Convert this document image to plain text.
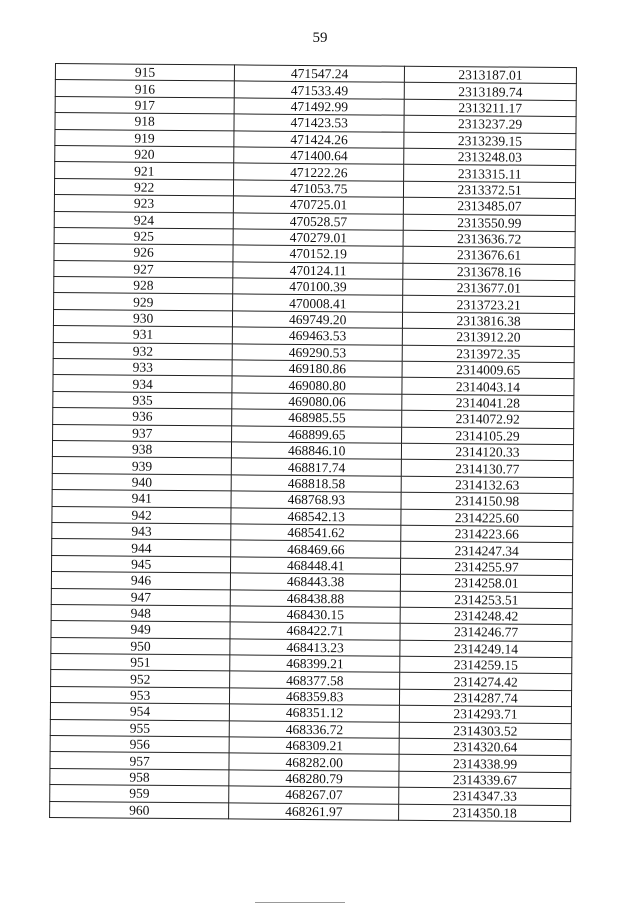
59
915	471547.24	2313187.01
916	471533.49	2313189.74
917	471492.99	2313211.17
918	471423.53	2313237.29
919	471424.26	2313239.15
920	471400.64	2313248.03
921	471222.26	2313315.11
922	471053.75	2313372.51
923	470725.01	2313485.07
924	470528.57	2313550.99
925	470279.01	2313636.72
926	470152.19	2313676.61
927	470124.11	2313678.16
928	470100.39	2313677.01
929	470008.41	2313723.21
930	469749.20	2313816.38
931	469463.53	2313912.20
932	469290.53	2313972.35
933	469180.86	2314009.65
934	469080.80	2314043.14
935	469080.06	2314041.28
936	468985.55	2314072.92
937	468899.65	2314105.29
938	468846.10	2314120.33
939	468817.74	2314130.77
940	468818.58	2314132.63
941	468768.93	2314150.98
942	468542.13	2314225.60
943	468541.62	2314223.66
944	468469.66	2314247.34
945	468448.41	2314255.97
946	468443.38	2314258.01
947	468438.88	2314253.51
948	468430.15	2314248.42
949	468422.71	2314246.77
950	468413.23	2314249.14
951	468399.21	2314259.15
952	468377.58	2314274.42
953	468359.83	2314287.74
954	468351.12	2314293.71
955	468336.72	2314303.52
956	468309.21	2314320.64
957	468282.00	2314338.99
958	468280.79	2314339.67
959	468267.07	2314347.33
960	468261.97	2314350.18
